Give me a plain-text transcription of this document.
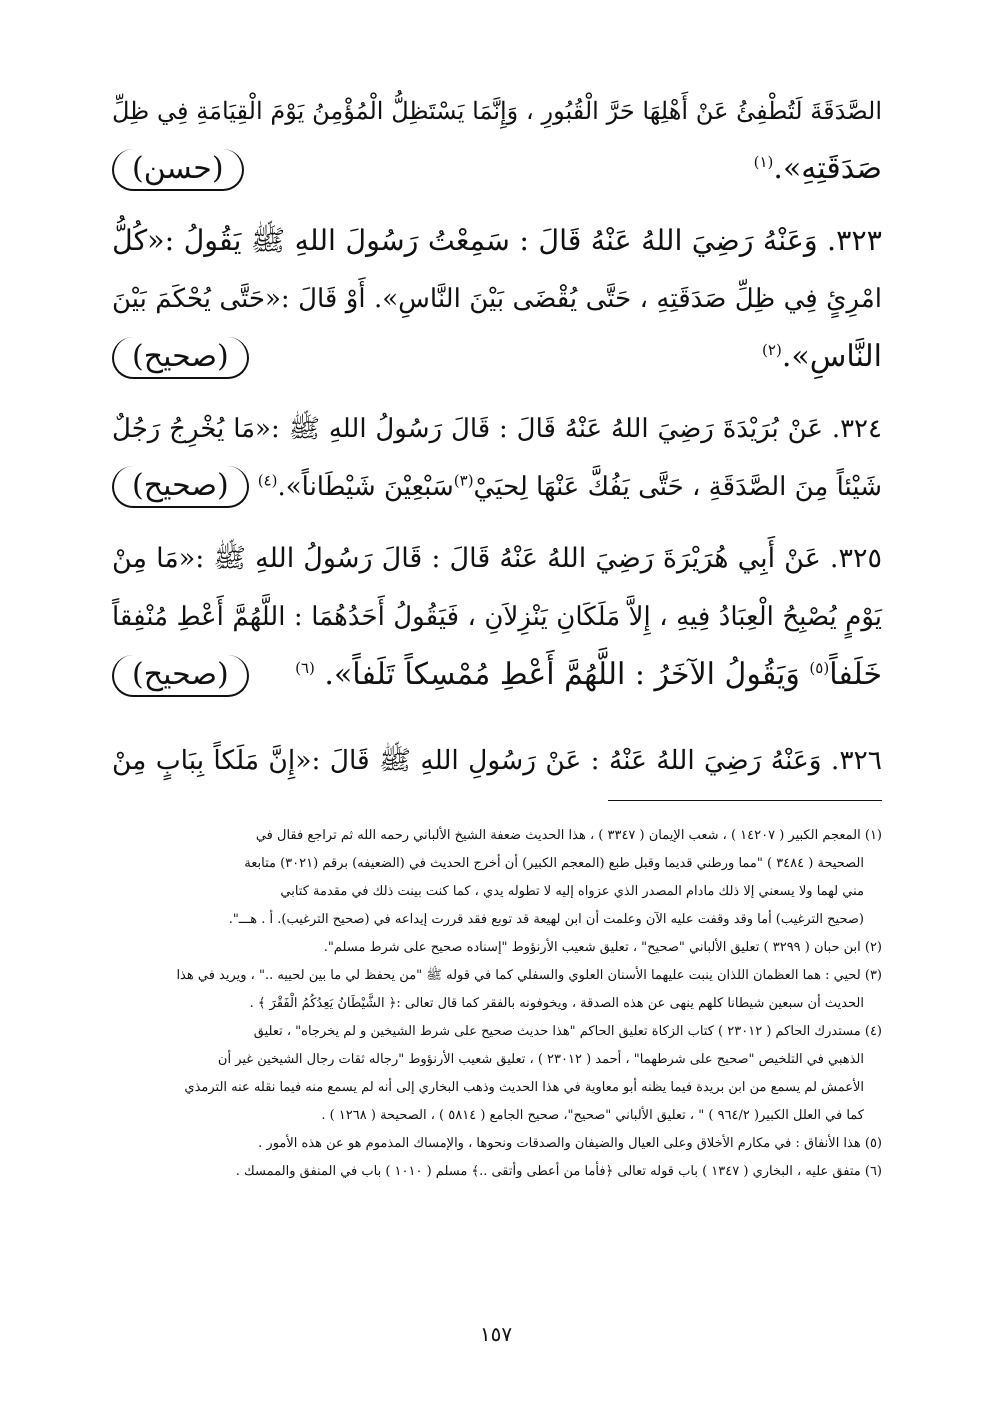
الصَّدَقَةَ لَتُطْفِئُ عَنْ أَهْلِهَا حَرَّ الْقُبُورِ ، وَإِنَّمَا يَسْتَظِلُّ الْمُؤْمِنُ يَوْمَ الْقِيَامَةِ فِي ظِلِّ
صَدَقَتِهِ».$^{(١)}$
(حسن)
٣٢٣. وَعَنْهُ رَضِيَ اللهُ عَنْهُ قَالَ : سَمِعْتُ رَسُولَ اللهِ ﷺ يَقُولُ :«كُلُّ
امْرِئٍ فِي ظِلِّ صَدَقَتِهِ ، حَتَّى يُقْضَى بَيْنَ النَّاسِ». أَوْ قَالَ :«حَتَّى يُحْكَمَ بَيْنَ
النَّاسِ».$^{(٢)}$
(صحيح)
٣٢٤. عَنْ بُرَيْدَةَ رَضِيَ اللهُ عَنْهُ قَالَ : قَالَ رَسُولُ اللهِ ﷺ :«مَا يُخْرِجُ رَجُلٌ
شَيْئاً مِنَ الصَّدَقَةِ ، حَتَّى يَفُكَّ عَنْهَا لِحيَيْ$^{(٣)}$سَبْعِيْنَ شَيْطَاناً».$^{(٤)}$
(صحيح)
٣٢٥. عَنْ أَبِي هُرَيْرَةَ رَضِيَ اللهُ عَنْهُ قَالَ : قَالَ رَسُولُ اللهِ ﷺ :«مَا مِنْ
يَوْمٍ يُصْبِحُ الْعِبَادُ فِيهِ ، إِلاَّ مَلَكَانِ يَنْزِلاَنِ ، فَيَقُولُ أَحَدُهُمَا : اللَّهُمَّ أَعْطِ مُنْفِقاً
خَلَفاً$^{(٥)}$ وَيَقُولُ الآخَرُ : اللَّهُمَّ أَعْطِ مُمْسِكاً تَلَفاً». $^{(٦)}$
(صحيح)
٣٢٦. وَعَنْهُ رَضِيَ اللهُ عَنْهُ : عَنْ رَسُولِ اللهِ ﷺ قَالَ :«إِنَّ مَلَكاً بِبَابٍ مِنْ
(١) المعجم الكبير ( ١٤٢٠٧ ) ، شعب الإيمان ( ٣٣٤٧ ) ، هذا الحديث ضعفة الشيخ الألباني رحمه الله ثم تراجع فقال في
الصحيحة ( ٣٤٨٤ ) "مما ورطني قديما وقبل طبع (المعجم الكبير) أن أخرج الحديث في (الضعيفه) برقم (٣٠٢١) متابعة
مني لهما ولا يسعني إلا ذلك مادام المصدر الذي عزواه إليه لا تطوله يدي ، كما كنت بينت ذلك في مقدمة كتابي
(صحيح الترغيب) أما وقد وقفت عليه الآن وعلمت أن ابن لهيعة قد توبع فقد قررت إيداعه في (صحيح الترغيب). أ . هـــ".
(٢) ابن حبان ( ٣٢٩٩ ) تعليق الألباني "صحيح" ، تعليق شعيب الأرنؤوط "إسناده صحيح على شرط مسلم".
(٣) لحيي : هما العظمان اللذان ينبت عليهما الأسنان العلوي والسفلي كما في قوله ﷺ "من يحفظ لي ما بين لحييه .." ، ويريد في هذا
الحديث أن سبعين شيطانا كلهم ينهى عن هذه الصدقة ، ويخوفونه بالفقر كما قال تعالى :﴿ الشَّيْطَانُ يَعِدُكُمُ الْفَقْرَ ﴾ .
(٤) مستدرك الحاكم ( ٢٣٠١٢ ) كتاب الزكاة تعليق الحاكم "هذا حديث صحيح على شرط الشيخين و لم يخرجاه" ، تعليق
الذهبي في التلخيص "صحيح على شرطهما" ، أحمد ( ٢٣٠١٢ ) ، تعليق شعيب الأرنؤوط "رجاله ثقات رجال الشيخين غير أن
الأعمش لم يسمع من ابن بريدة فيما يظنه أبو معاوية في هذا الحديث وذهب البخاري إلى أنه لم يسمع منه فيما نقله عنه الترمذي
كما في العلل الكبير( ٩٦٤/٢ ) " ، تعليق الألباني "صحيح"، صحيح الجامع ( ٥٨١٤ ) ، الصحيحة ( ١٢٦٨ ) .
(٥) هذا الأنفاق : في مكارم الأخلاق وعلى العيال والضيفان والصدقات ونحوها ، والإمساك المذموم هو عن هذه الأمور .
(٦) متفق عليه ، البخاري ( ١٣٤٧ ) باب قوله تعالى ﴿فأما من أعطى وأتقى ..﴾ مسلم ( ١٠١٠ ) باب في المنفق والممسك .
١٥٧
